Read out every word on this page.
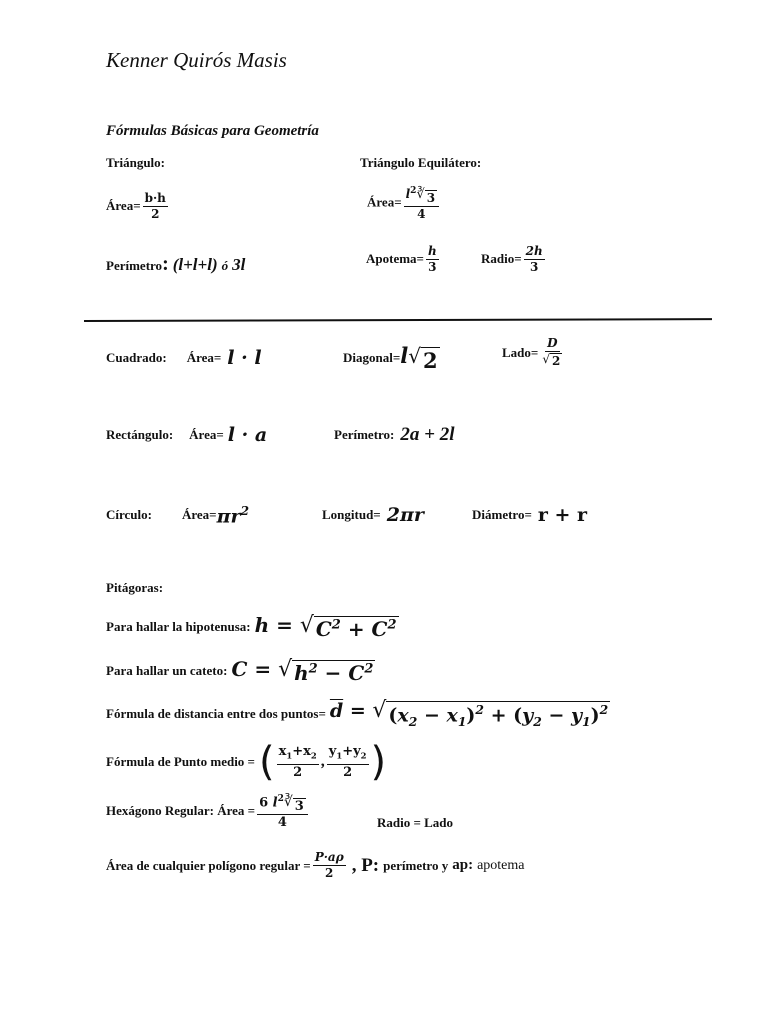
Kenner Quirós Masis
Fórmulas Básicas para Geometría
Triángulo:
Área= $\frac{b\cdot h}{2}$
Perímetro: (l+l+l) ó 3l
Triángulo Equilátero:
Área= $\frac{l^2 ∛ 3}{4}$
Apotema= $\frac{h}{3}$	Radio= $\frac{2h}{3}$
Cuadrado: Área= l · l	Diagonal= l √ 2	Lado= $\frac{D}{√ 2}$
Rectángulo: Área= l · a	Perímetro: 2a + 2l
Círculo: Área= $\pi r^2$	Longitud= 2πr	Diámetro= r + r
Pitágoras:
Para hallar la hipotenusa: h = √ $C^2 + C^2$
Para hallar un cateto: C = √ $h^2 - C^2$
Fórmula de distancia entre dos puntos= $\overline{d}$ = √ $(x_2 - x_1)^2 + (y_2 - y_1)^2$
Fórmula de Punto medio = ( $\frac{x_1+x_2}{2}$ , $\frac{y_1+y_2}{2}$ )
Hexágono Regular: Área = $\frac{6 l^2 ∛ 3}{4}$	Radio = Lado
Área de cualquier polígono regular = $\frac{P\cdot a\rho}{2}$ , P: perímetro y ap: apotema
